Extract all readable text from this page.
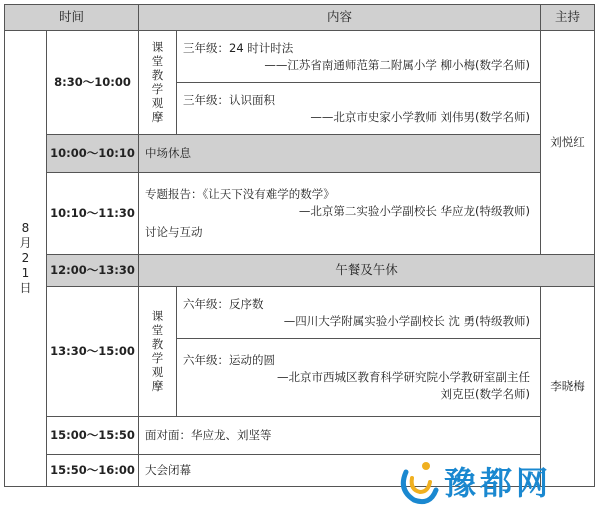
时间		内容		主持
8月21日	8:30～10:00	课堂教学观摩	三年级：24 时计时法
——江苏省南通师范第二附属小学 柳小梅(数学名师)	刘悦红

			三年级：认识面积
——北京市史家小学教师 刘伟男(数学名师)	

	10:00～10:10	中场休息		
	10:10～11:30	专题报告：《让天下没有难学的数学》
—北京第二实验小学副校长 华应龙(特级教师)
讨论与互动		

	12:00～13:30	午餐及午休		
	13:30～15:00	课堂教学观摩	六年级：反序数
—四川大学附属实验小学副校长 沈 勇(特级教师)	李晓梅

			六年级：运动的圆
—北京市西城区教育科学研究院小学教研室副主任
刘克臣(数学名师)	

	15:00～15:50	面对面：华应龙、刘坚等		
	15:50～16:00	大会闭幕			豫都网
